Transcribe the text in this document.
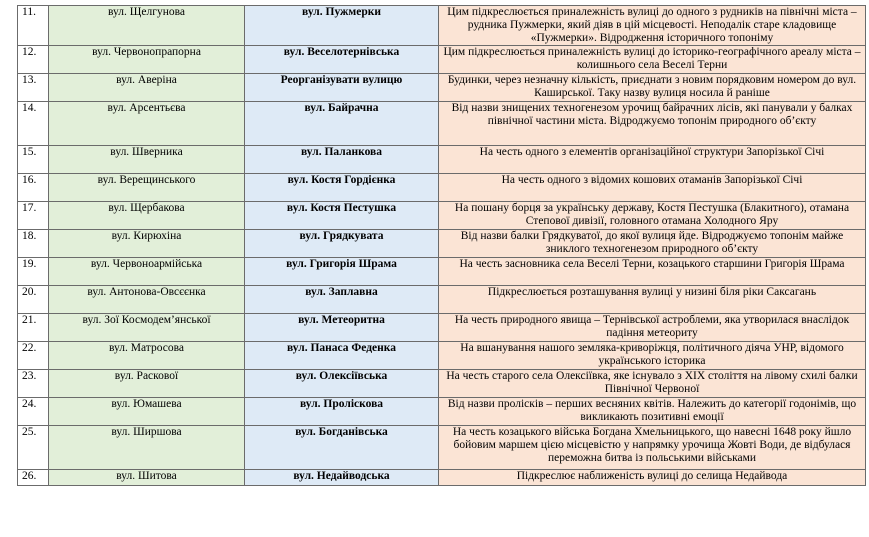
11.	вул. Щелгунова	вул. Пужмерки	Цим підкреслюється приналежність вулиці до одного з рудників на північні міста – рудника Пужмерки, який діяв в цій місцевості. Неподалік старе кладовище «Пужмерки». Відродження історичного топоніму
12.	вул. Червонопрапорна	вул. Веселотернівська	Цим підкреслюється приналежність вулиці до історико-географічного ареалу міста – колишнього села Веселі Терни
13.	вул. Аверіна	Реорганізувати вулицю	Будинки, через незначну кількість, приєднати з новим порядковим номером до вул. Каширської. Таку назву вулиця носила й раніше
14.	вул. Арсентьєва	вул. Байрачна	Від назви знищених техногенезом урочищ байрачних лісів, які панували у балках північної частини міста. Відроджуємо топонім природного об’єкту
15.	вул. Шверника	вул. Паланкова	На честь одного з елементів організаційної структури Запорізької Січі
16.	вул. Верещинського	вул. Костя Гордієнка	На честь одного з відомих кошових отаманів Запорізької Січі
17.	вул. Щербакова	вул. Костя Пестушка	На пошану борця за українську державу, Костя Пестушка (Блакитного), отамана Степової дивізії, головного отамана Холодного Яру
18.	вул. Кирюхіна	вул. Грядкувата	Від назви балки Грядкуватої, до якої вулиця йде. Відроджуємо топонім майже зниклого техногенезом природного об’єкту
19.	вул. Червоноармійська	вул. Григорія Шрама	На честь засновника села Веселі Терни, козацького старшини Григорія Шрама
20.	вул. Антонова-Овсєєнка	вул. Заплавна	Підкреслюється розташування вулиці у низині біля ріки Саксагань
21.	вул. Зої Космодем’янської	вул. Метеоритна	На честь природного явища – Тернівської астроблеми, яка утворилася внаслідок падіння метеориту
22.	вул. Матросова	вул. Панаса Феденка	На вшанування нашого земляка-криворіжця, політичного діяча УНР, відомого українського історика
23.	вул. Раскової	вул. Олексіївська	На честь старого села Олексіївка, яке існувало з XIX століття на лівому схилі балки Північної Червоної
24.	вул. Юмашева	вул. Пролiскова	Від назви пролісків – перших весняних квітів. Належить до категорії годонімів, що викликають позитивні емоції
25.	вул. Ширшова	вул. Богданівська	На честь козацького війська Богдана Хмельницького, що навесні 1648 року йшло бойовим маршем цією місцевістю у напрямку урочища Жовті Води, де відбулася переможна битва із польськими військами
26.	вул. Шитова	вул. Недайводська	Підкреслює наближеність вулиці до селища Недайвода
